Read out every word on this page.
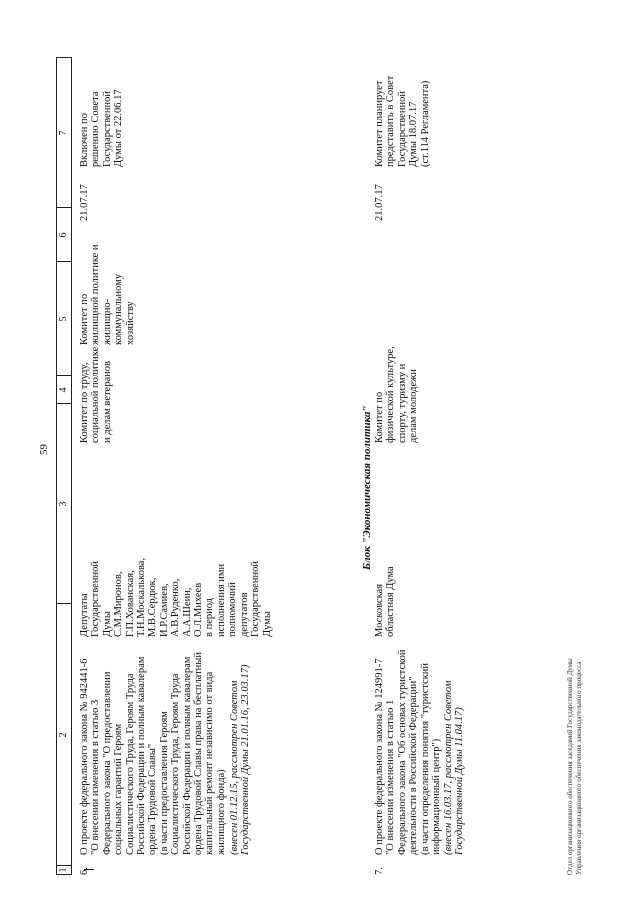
59
1
2
3
4
5
6
7
6.
О проекте федерального закона № 942441-6
"О внесении изменения в статью 3
Федерального закона "О предоставлении
социальных гарантий Героям
Социалистического Труда, Героям Труда
Российской Федерации и полным кавалерам
ордена Трудовой Славы"
(в части предоставления Героям
Социалистического Труда, Героям Труда
Российской Федерации и полным кавалерам
ордена Трудовой Славы права на бесплатный
капитальный ремонт независимо от вида
жилищного фонда)
(внесен 01.12.15, рассмотрен Советом
Государственной Думы 21.01.16, 23.03.17)
Депутаты
Государственной
Думы
С.М.Миронов,
Г.П.Хованская,
Т.Н.Москалькова,
М.В.Сердюк,
И.Р.Самиев,
А.В.Руденко,
А.А.Шеин,
О.Л.Михеев
в период
исполнения ими
полномочий
депутатов
Государственной
Думы
Комитет по труду,
социальной политике
и делам ветеранов
Комитет по
жилищной политике и
жилищно-
коммунальному
хозяйству
21.07.17
Включен по
решению Совета
Государственной
Думы от 22.06.17
Блок "Экономическая политика"
7.
О проекте федерального закона № 124991-7
"О внесении изменения в статью 1
Федерального закона "Об основах туристской
деятельности в Российской Федерации"
(в части определения понятия "туристский
информационный центр")
(внесен 16.03.17, рассмотрен Советом
Государственной Думы 11.04.17)
Московская
областная Дума
Комитет по
физической культуре,
спорту, туризму и
делам молодежи
21.07.17
Комитет планирует
представить в Совет
Государственной
Думы 18.07.17
(ст.114 Регламента)
Отдел организационного обеспечения заседаний Государственной Думы
Управления организационного обеспечения законодательного процесса
